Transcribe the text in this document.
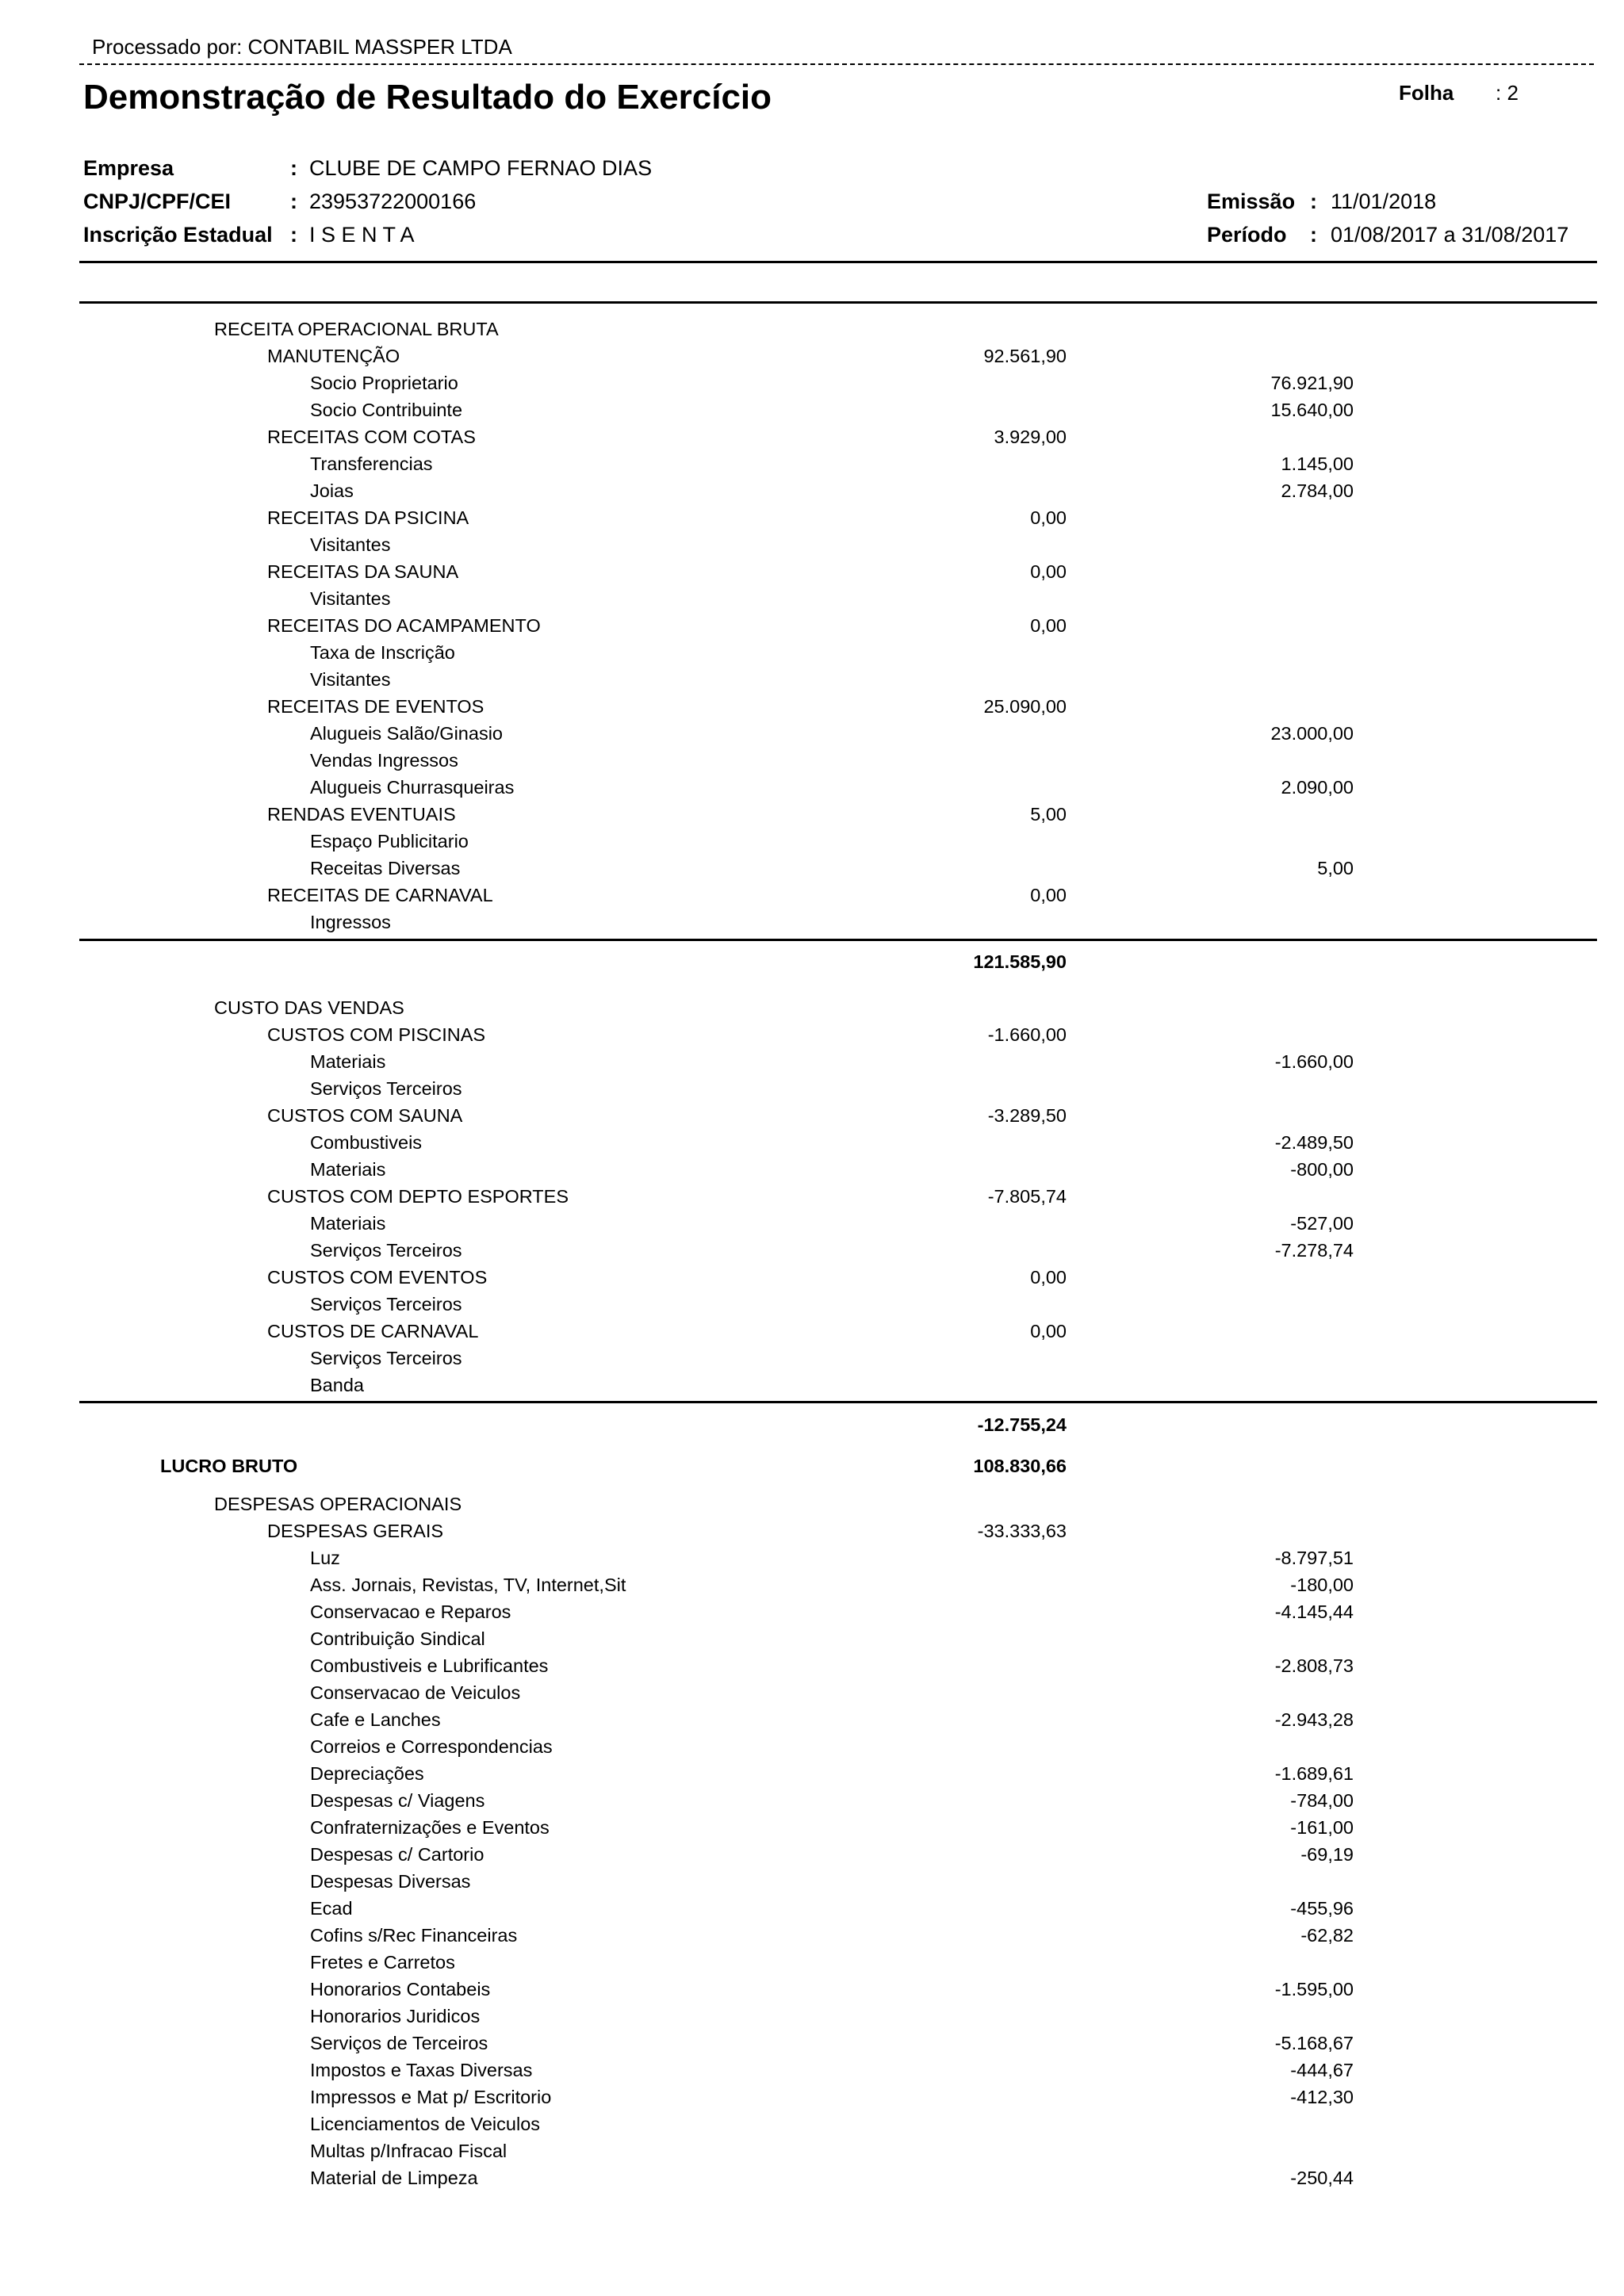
Processado por: CONTABIL MASSPER LTDA
Demonstração de Resultado do Exercício	Folha : 2
Empresa	: CLUBE DE CAMPO FERNAO DIAS
CNPJ/CPF/CEI	: 23953722000166
Inscrição Estadual : I S E N T A
Emissão : 11/01/2018
Período : 01/08/2017 a 31/08/2017
RECEITA OPERACIONAL BRUTA
MANUTENÇÃO	92.561,90
Socio Proprietario	76.921,90
Socio Contribuinte	15.640,00
RECEITAS COM COTAS	3.929,00
Transferencias	1.145,00
Joias	2.784,00
RECEITAS DA PSICINA	0,00
Visitantes
RECEITAS DA SAUNA	0,00
Visitantes
RECEITAS DO ACAMPAMENTO	0,00
Taxa de Inscrição
Visitantes
RECEITAS DE EVENTOS	25.090,00
Alugueis Salão/Ginasio	23.000,00
Vendas Ingressos
Alugueis Churrasqueiras	2.090,00
RENDAS EVENTUAIS	5,00
Espaço Publicitario
Receitas Diversas	5,00
RECEITAS DE CARNAVAL	0,00
Ingressos
121.585,90
CUSTO DAS VENDAS
CUSTOS COM PISCINAS	-1.660,00
Materiais	-1.660,00
Serviços Terceiros
CUSTOS COM SAUNA	-3.289,50
Combustiveis	-2.489,50
Materiais	-800,00
CUSTOS COM DEPTO ESPORTES	-7.805,74
Materiais	-527,00
Serviços Terceiros	-7.278,74
CUSTOS COM EVENTOS	0,00
Serviços Terceiros
CUSTOS DE CARNAVAL	0,00
Serviços Terceiros
Banda
-12.755,24
LUCRO BRUTO	108.830,66
DESPESAS OPERACIONAIS
DESPESAS GERAIS	-33.333,63
Luz	-8.797,51
Ass. Jornais, Revistas, TV, Internet,Sit	-180,00
Conservacao e Reparos	-4.145,44
Contribuição Sindical
Combustiveis e Lubrificantes	-2.808,73
Conservacao de Veiculos
Cafe e Lanches	-2.943,28
Correios e Correspondencias
Depreciações	-1.689,61
Despesas c/ Viagens	-784,00
Confraternizações e Eventos	-161,00
Despesas c/ Cartorio	-69,19
Despesas Diversas
Ecad	-455,96
Cofins s/Rec Financeiras	-62,82
Fretes e Carretos
Honorarios Contabeis	-1.595,00
Honorarios Juridicos
Serviços de Terceiros	-5.168,67
Impostos e Taxas Diversas	-444,67
Impressos e Mat p/ Escritorio	-412,30
Licenciamentos de Veiculos
Multas p/Infracao Fiscal
Material de Limpeza	-250,44
